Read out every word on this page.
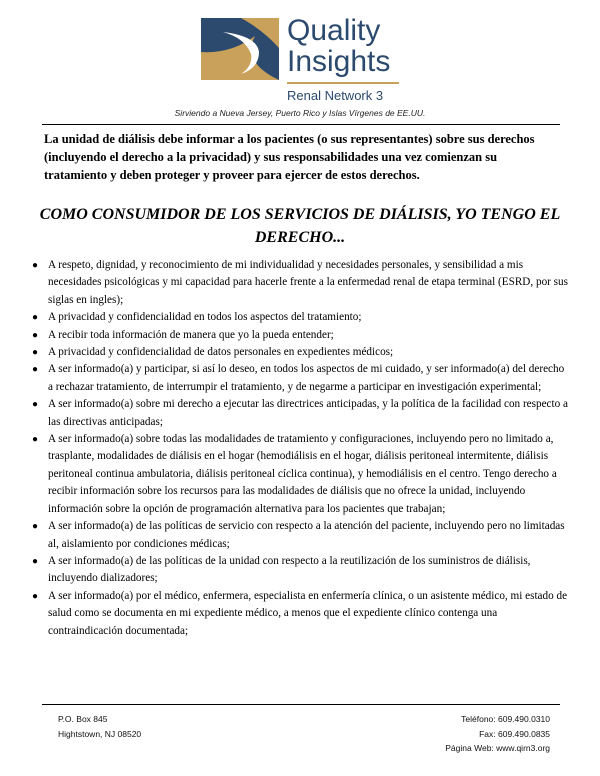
Quality
Insights
Renal Network 3
Sirviendo a Nueva Jersey, Puerto Rico y Islas Vírgenes de EE.UU.
La unidad de diálisis debe informar a los pacientes (o sus representantes) sobre sus derechos (incluyendo el derecho a la privacidad) y sus responsabilidades una vez comienzan su tratamiento y deben proteger y proveer para ejercer de estos derechos.
COMO CONSUMIDOR DE LOS SERVICIOS DE DIÁLISIS, YO TENGO EL DERECHO...
● A respeto, dignidad, y reconocimiento de mi individualidad y necesidades personales, y sensibilidad a mis necesidades psicológicas y mi capacidad para hacerle frente a la enfermedad renal de etapa terminal (ESRD, por sus siglas en ingles);
● A privacidad y confidencialidad en todos los aspectos del tratamiento;
● A recibir toda información de manera que yo la pueda entender;
● A privacidad y confidencialidad de datos personales en expedientes médicos;
● A ser informado(a) y participar, si así lo deseo, en todos los aspectos de mi cuidado, y ser informado(a) del derecho a rechazar tratamiento, de interrumpir el tratamiento, y de negarme a participar en investigación experimental;
● A ser informado(a) sobre mi derecho a ejecutar las directrices anticipadas, y la política de la facilidad con respecto a las directivas anticipadas;
● A ser informado(a) sobre todas las modalidades de tratamiento y configuraciones, incluyendo pero no limitado a, trasplante, modalidades de diálisis en el hogar (hemodiálisis en el hogar, diálisis peritoneal intermitente, diálisis peritoneal continua ambulatoria, diálisis peritoneal cíclica continua), y hemodiálisis en el centro. Tengo derecho a recibir información sobre los recursos para las modalidades de diálisis que no ofrece la unidad, incluyendo información sobre la opción de programación alternativa para los pacientes que trabajan;
● A ser informado(a) de las políticas de servicio con respecto a la atención del paciente, incluyendo pero no limitadas al, aislamiento por condiciones médicas;
● A ser informado(a) de las políticas de la unidad con respecto a la reutilización de los suministros de diálisis, incluyendo dializadores;
● A ser informado(a) por el médico, enfermera, especialista en enfermería clínica, o un asistente médico, mi estado de salud como se documenta en mi expediente médico, a menos que el expediente clínico contenga una contraindicación documentada;
P.O. Box 845
Hightstown, NJ 08520
Teléfono: 609.490.0310
Fax: 609.490.0835
Página Web: www.qirn3.org
